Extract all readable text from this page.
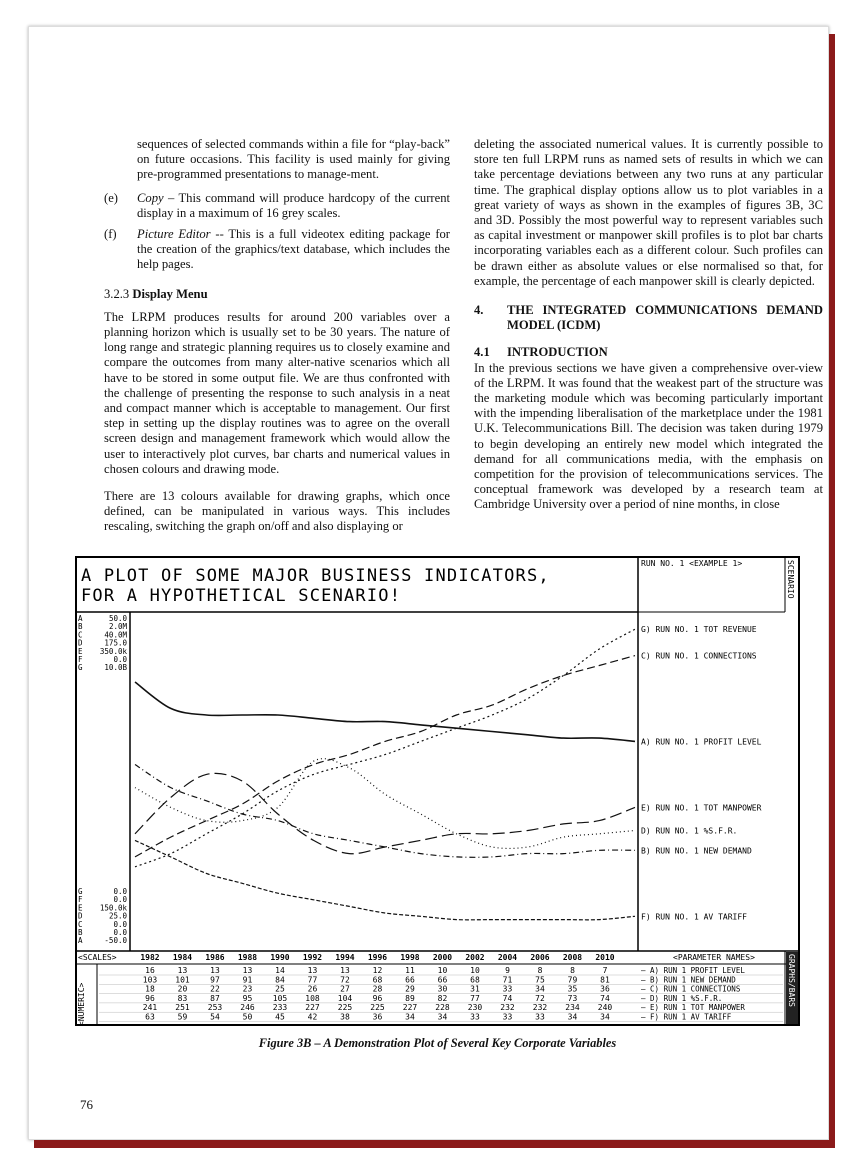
sequences of selected commands within a file for “play-back” on future occasions. This facility is used mainly for giving pre-programmed presentations to manage-ment.

(e)	Copy – This command will produce hardcopy of the current display in a maximum of 16 grey scales.
(f)	Picture Editor -- This is a full videotex editing package for the creation of the graphics/text database, which includes the help pages.

3.2.3 Display Menu

The LRPM produces results for around 200 variables over a planning horizon which is usually set to be 30 years. The nature of long range and strategic planning requires us to closely examine and compare the outcomes from many alter-native scenarios which all have to be stored in some output file. We are thus confronted with the challenge of presenting the response to such analysis in a neat and compact manner which is acceptable to management. Our first step in setting up the display routines was to agree on the overall screen design and management framework which would allow the user to interactively plot curves, bar charts and numerical values in chosen colours and drawing mode.

There are 13 colours available for drawing graphs, which once defined, can be manipulated in various ways. This includes rescaling, switching the graph on/off and also displaying or

deleting the associated numerical values. It is currently possible to store ten full LRPM runs as named sets of results in which we can take percentage deviations between any two runs at any particular time. The graphical display options allow us to plot variables in a great variety of ways as shown in the examples of figures 3B, 3C and 3D. Possibly the most powerful way to represent variables such as capital investment or manpower skill profiles is to plot bar charts incorporating variables each as a different colour. Such profiles can be drawn either as absolute values or else normalised so that, for example, the percentage of each manpower skill is clearly depicted.

4.	THE INTEGRATED COMMUNICATIONS DEMAND MODEL (ICDM)
4.1	INTRODUCTION

In the previous sections we have given a comprehensive over-view of the LRPM. It was found that the weakest part of the structure was the marketing module which was becoming particularly important with the impending liberalisation of the marketplace under the 1981 U.K. Telecommunications Bill. The decision was taken during 1979 to begin developing an entirely new model which integrated the demand for all communications media, with the emphasis on competition for the provision of telecommunications services. The conceptual framework was developed by a research team at Cambridge University over a period of nine months, in close

A PLOT OF SOME MAJOR BUSINESS INDICATORS,
FOR A HYPOTHETICAL SCENARIO!
RUN NO. 1 <EXAMPLE 1>	SCENARIO
GRAPHS/BARS
<SCALES>
<NUMERIC>
<PARAMETER NAMES>
A	50.0
B	2.0M
C	40.0M
D	175.0
E 350.0k
F	0.0
G	10.0B
G	0.0
F	0.0
E 150.0k
D	25.0
C	0.0
B	0.0
A	-50.0
C) RUN NO. 1 CONNECTIONS
G) RUN NO. 1 TOT REVENUE
A) RUN NO. 1 PROFIT LEVEL
E) RUN NO. 1 TOT MANPOWER
B) RUN NO. 1 NEW DEMAND
D) RUN NO. 1 %S.F.R.
F) RUN NO. 1 AV TARIFF
1982 1984 1986 1988 1990 1992 1994 1996 1998 2000 2002 2004 2006 2008 2010
16	13	13	13	14	13	13	12	11	10	10	9	8	8	7	– A) RUN 1 PROFIT LEVEL
103 101	97	91	84	77	72	68	66	66	68	71	75	79	81	– B) RUN 1 NEW DEMAND
18	20	22	23	25	26	27	28	29	30	31	33	34	35	36	– C) RUN 1 CONNECTIONS
96	83	87	95	105 108 104	96	89	82	77	74	72	73	74	– D) RUN 1 %S.F.R.
241 251 253 246 233 227 225 225 227 228 230 232 232 234 240	– E) RUN 1 TOT MANPOWER
63	59	54	50	45	42	38	36	34	34	33	33	33	34	34	– F) RUN 1 AV TARIFF
Figure 3B – A Demonstration Plot of Several Key Corporate Variables
76
